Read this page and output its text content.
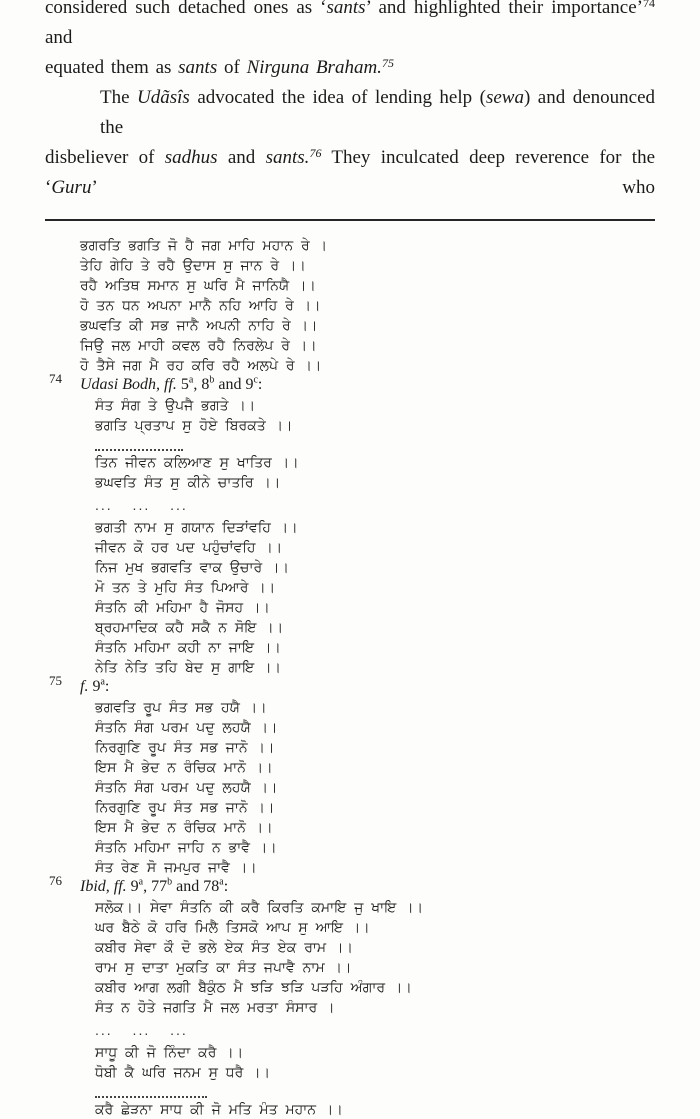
considered such detached ones as ‘sants’ and highlighted their importance’$^{74}$ and
equated them as sants of Nirguna Braham.$^{75}$
The Udãsîs advocated the idea of lending help (sewa) and denounced the
disbeliever of sadhus and sants.$^{76}$ They inculcated deep reverence for the ‘Guru’ who
ਭਗਰਤਿ ਭਗਤਿ ਜੋ ਹੈ ਜਗ ਮਾਹਿ ਮਹਾਨ ਰੇ ।
ਤੇਹਿ ਗੇਹਿ ਤੇ ਰਹੈ ਉਦਾਸ ਸੁ ਜਾਨ ਰੇ ।।
ਰਹੈ ਅਤਿਥ ਸਮਾਨ ਸੁ ਘਰਿ ਮੈ ਜਾਨਿਯੈ ।।
ਹੋ ਤਨ ਧਨ ਅਪਨਾ ਮਾਨੈ ਨਹਿ ਆਹਿ ਰੇ ।।
ਭਘਵਤਿ ਕੀ ਸਭ ਜਾਨੈ ਅਪਨੀ ਨਾਹਿ ਰੇ ।।
ਜਿਉ ਜਲ ਮਾਹੀ ਕਵਲ ਰਹੈ ਨਿਰਲੇਪ ਰੇ ।।
ਹੋ ਤੈਸੇ ਜਗ ਮੈ ਰਹ ਕਰਿ ਰਹੈ ਅਲਪੇ ਰੇ ।।
74 Udasi Bodh, ff. 5$^a$, 8$^b$ and 9$^c$:
ਸੰਤ ਸੰਗ ਤੇ ਉਪਜੈ ਭਗਤੇ ।।
ਭਗਤਿ ਪ੍ਰਤਾਪ ਸੁ ਹੋਏ ਬਿਰਕਤੇ ।।
ਤਿਨ ਜੀਵਨ ਕਲਿਆਣ ਸੁ ਖਾਤਿਰ ।।
ਭਘਵਤਿ ਸੰਤ ਸੁ ਕੀਨੇ ਚਾਤਰਿ ।।
... ... ...
ਭਗਤੀ ਨਾਮ ਸੁ ਗਯਾਨ ਦਿੜਾਂਵਹਿ ।।
ਜੀਵਨ ਕੋ ਹਰ ਪਦ ਪਹੁੰਚਾਂਵਹਿ ।।
ਨਿਜ ਮੁਖ ਭਗਵਤਿ ਵਾਕ ਉਚਾਰੇ ।।
ਮੋ ਤਨ ਤੇ ਮੁਹਿ ਸੰਤ ਪਿਆਰੇ ।।
ਸੰਤਨਿ ਕੀ ਮਹਿਮਾ ਹੈ ਜੋਸਹ ।।
ਬ੍ਰਹਮਾਦਿਕ ਕਹੈ ਸਕੈ ਨ ਸੋਇ ।।
ਸੰਤਨਿ ਮਹਿਮਾ ਕਹੀ ਨਾ ਜਾਇ ।।
ਨੇਤਿ ਨੇਤਿ ਤਹਿ ਬੇਦ ਸੁ ਗਾਇ ।।
75 f. 9$^a$:
ਭਗਵਤਿ ਰੂਪ ਸੰਤ ਸਭ ਹਯੈ ।।
ਸੰਤਨਿ ਸੰਗ ਪਰਮ ਪਦੁ ਲਹਯੈ ।।
ਨਿਰਗੁਣਿ ਰੂਪ ਸੰਤ ਸਭ ਜਾਨੋ ।।
ਇਸ ਮੈ ਭੇਦ ਨ ਰੰਚਿਕ ਮਾਨੋ ।।
ਸੰਤਨਿ ਸੰਗ ਪਰਮ ਪਦੁ ਲਹਯੈ ।।
ਨਿਰਗੁਣਿ ਰੂਪ ਸੰਤ ਸਭ ਜਾਨੋ ।।
ਇਸ ਮੈ ਭੇਦ ਨ ਰੰਚਿਕ ਮਾਨੋ ।।
ਸੰਤਨਿ ਮਹਿਮਾ ਜਾਹਿ ਨ ਭਾਵੈ ।।
ਸੰਤ ਰੇਣ ਸੋ ਜਮਪੁਰ ਜਾਵੈ ।।
76 Ibid, ff. 9$^a$, 77$^b$ and 78$^a$:
ਸਲੋਕ।। ਸੇਵਾ ਸੰਤਨਿ ਕੀ ਕਰੈ ਕਿਰਤਿ ਕਮਾਇ ਜੁ ਖਾਇ ।।
ਘਰ ਬੈਠੇ ਕੋ ਹਰਿ ਮਿਲੈ ਤਿਸਕੋ ਆਪ ਸੁ ਆਇ ।।
ਕਬੀਰ ਸੇਵਾ ਕੌ ਦੋ ਭਲੇ ਏਕ ਸੰਤ ਏਕ ਰਾਮ ।।
ਰਾਮ ਸੁ ਦਾਤਾ ਮੁਕਤਿ ਕਾ ਸੰਤ ਜਪਾਵੈ ਨਾਮ ।।
ਕਬੀਰ ਆਗ ਲਗੀ ਬੈਕੁੰਠ ਮੈ ਝੜਿ ਝੜਿ ਪੜਹਿ ਅੰਗਾਰ ।।
ਸੰਤ ਨ ਹੋਤੇ ਜਗਤਿ ਮੈ ਜਲ ਮਰਤਾ ਸੰਸਾਰ ।
... ... ...
ਸਾਧੂ ਕੀ ਜੋ ਨਿੰਦਾ ਕਰੈ ।।
ਧੋਬੀ ਕੈ ਘਰਿ ਜਨਮ ਸੁ ਧਰੈ ।।
ਕਰੈ ਛੇੜਨਾ ਸਾਧ ਕੀ ਜੋ ਮਤਿ ਮੰਤ ਮਹਾਨ ।।
